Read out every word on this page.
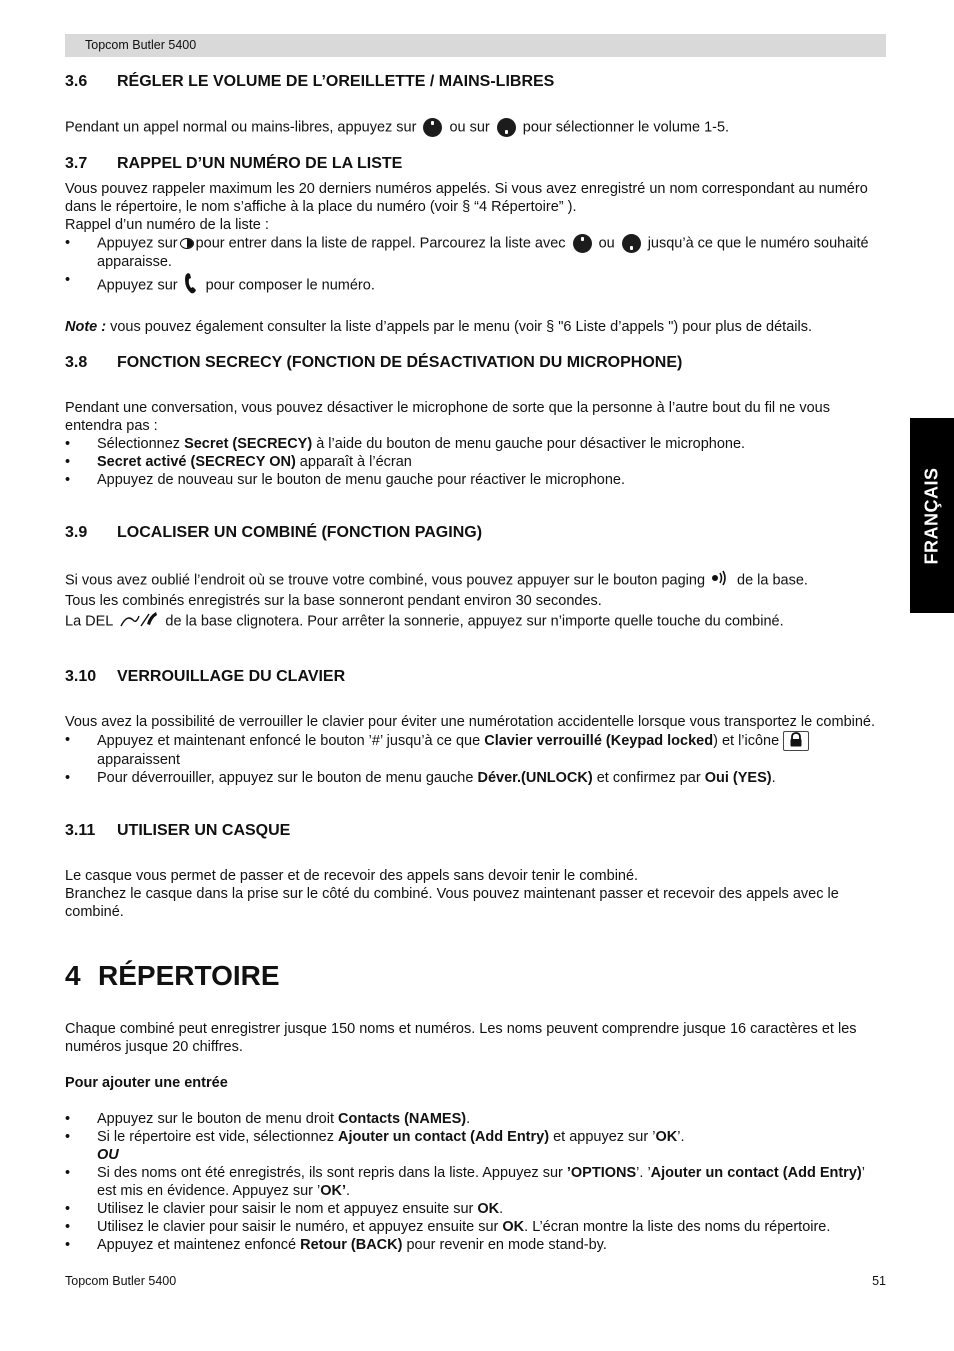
Topcom Butler 5400
FRANÇAIS
3.6 RÉGLER LE VOLUME DE L’OREILLETTE / MAINS-LIBRES

Pendant un appel normal ou mains-libres, appuyez sur ou sur pour sélectionner le volume 1-5.

3.7 RAPPEL D’UN NUMÉRO DE LA LISTE

Vous pouvez rappeler maximum les 20 derniers numéros appelés. Si vous avez enregistré un nom correspondant au numéro dans le répertoire, le nom s’affiche à la place du numéro (voir § “4 Répertoire” ).

Rappel d’un numéro de la liste :

• Appuyez sur pour entrer dans la liste de rappel. Parcourez la liste avec ou jusqu’à ce que le numéro souhaité apparaisse.
• Appuyez sur pour composer le numéro.

Note : vous pouvez également consulter la liste d’appels par le menu (voir § "6 Liste d’appels ") pour plus de détails.

3.8 FONCTION SECRECY (FONCTION DE DÉSACTIVATION DU MICROPHONE)

Pendant une conversation, vous pouvez désactiver le microphone de sorte que la personne à l’autre bout du fil ne vous entendra pas :

• Sélectionnez Secret (SECRECY) à l’aide du bouton de menu gauche pour désactiver le microphone.
• Secret activé (SECRECY ON) apparaît à l’écran
• Appuyez de nouveau sur le bouton de menu gauche pour réactiver le microphone.
3.9 LOCALISER UN COMBINÉ (FONCTION PAGING)

Si vous avez oublié l’endroit où se trouve votre combiné, vous pouvez appuyer sur le bouton paging de la base.

Tous les combinés enregistrés sur la base sonneront pendant environ 30 secondes.

La DEL	de la base clignotera. Pour arrêter la sonnerie, appuyez sur n’importe quelle touche du combiné.

3.10 VERROUILLAGE DU CLAVIER

Vous avez la possibilité de verrouiller le clavier pour éviter une numérotation accidentelle lorsque vous transportez le combiné.

• Appuyez et maintenant enfoncé le bouton ’#’ jusqu’à ce que Clavier verrouillé (Keypad locked) et l’icône
apparaissent
• Pour déverrouiller, appuyez sur le bouton de menu gauche Déver.(UNLOCK) et confirmez par Oui (YES).
3.11 UTILISER UN CASQUE

Le casque vous permet de passer et de recevoir des appels sans devoir tenir le combiné.

Branchez le casque dans la prise sur le côté du combiné. Vous pouvez maintenant passer et recevoir des appels avec le combiné.

4 RÉPERTOIRE

Chaque combiné peut enregistrer jusque 150 noms et numéros. Les noms peuvent comprendre jusque 16 caractères et les numéros jusque 20 chiffres.

Pour ajouter une entrée

• Appuyez sur le bouton de menu droit Contacts (NAMES).
• Si le répertoire est vide, sélectionnez Ajouter un contact (Add Entry) et appuyez sur ’OK’.
OU
• Si des noms ont été enregistrés, ils sont repris dans la liste. Appuyez sur ’OPTIONS’. ’Ajouter un contact (Add Entry)’ est mis en évidence. Appuyez sur ’OK’.
• Utilisez le clavier pour saisir le nom et appuyez ensuite sur OK.
• Utilisez le clavier pour saisir le numéro, et appuyez ensuite sur OK. L’écran montre la liste des noms du répertoire.
• Appuyez et maintenez enfoncé Retour (BACK) pour revenir en mode stand-by.
Topcom Butler 5400	51
